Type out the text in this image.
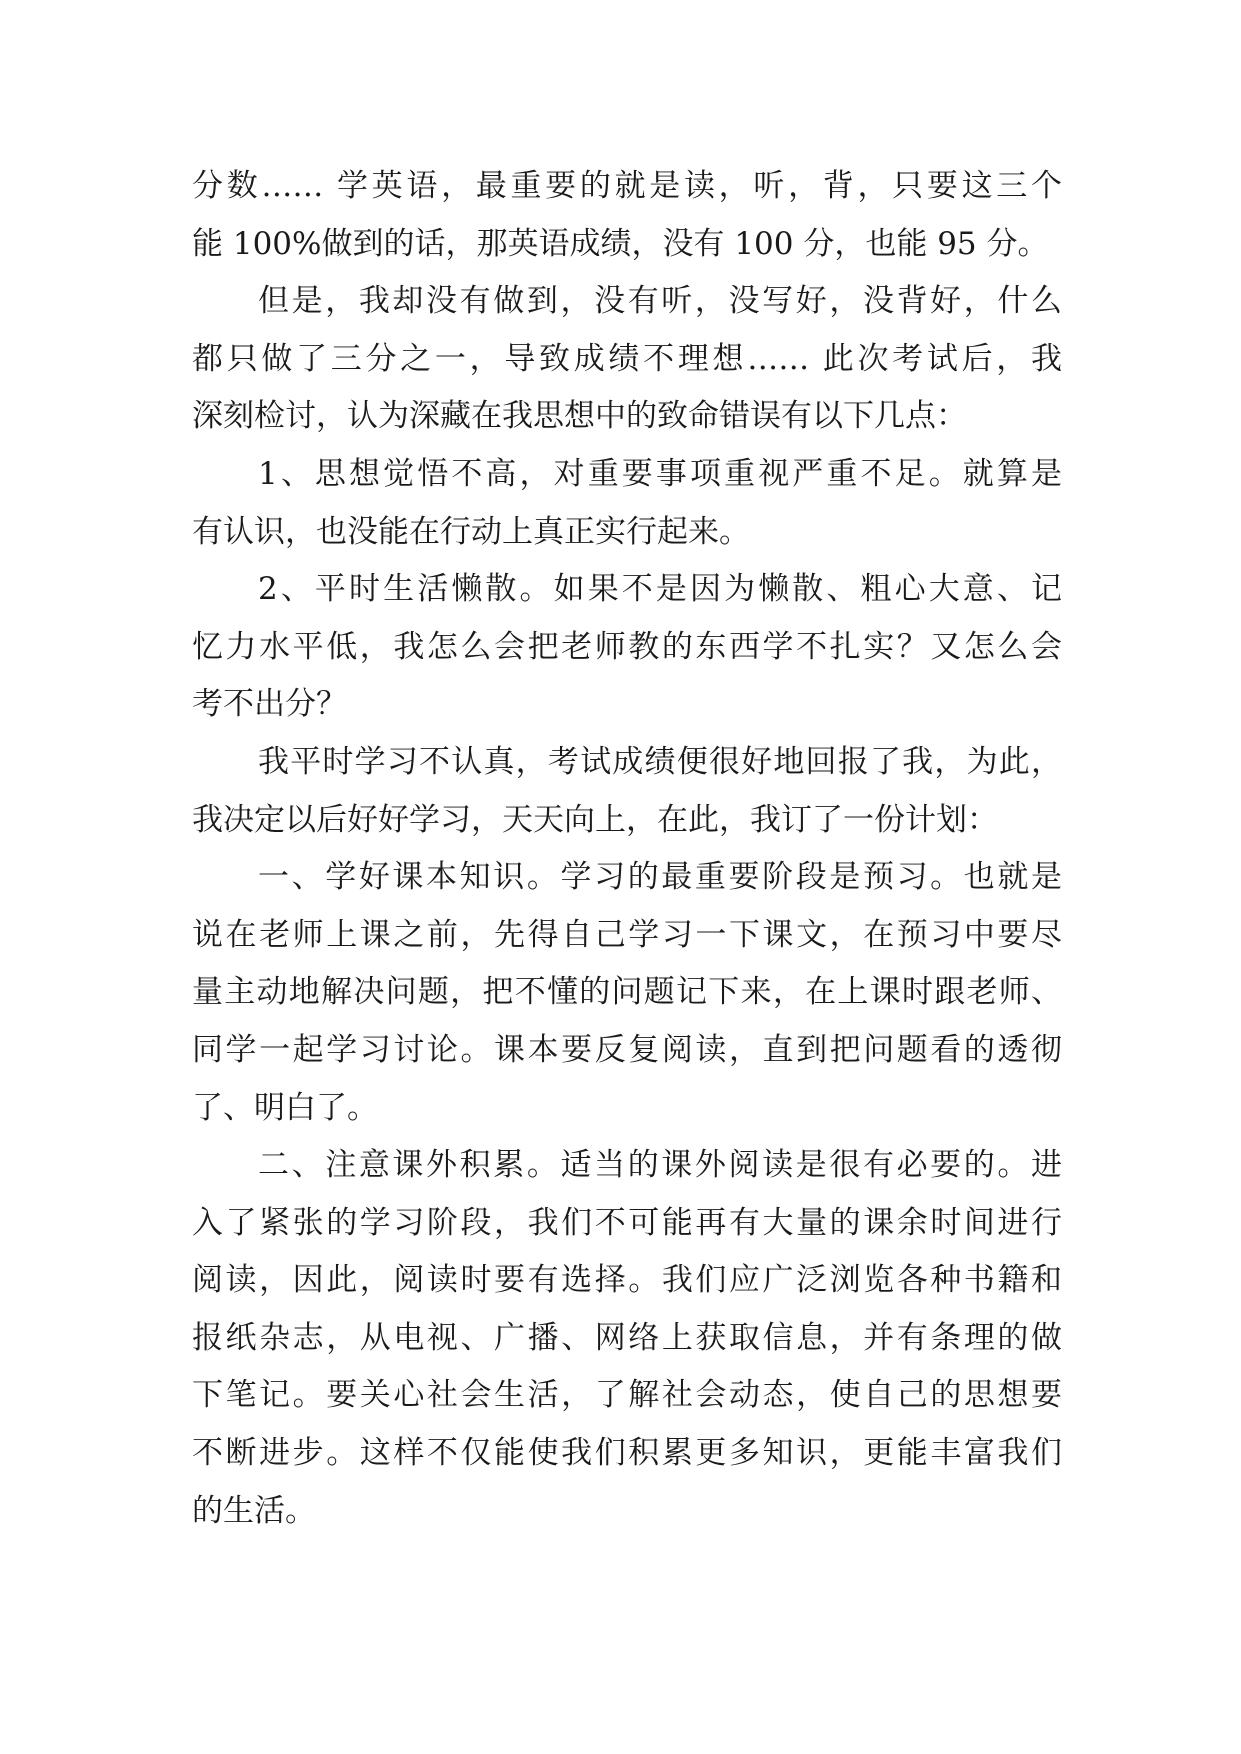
分数…… 学英语，最重要的就是读，听，背，只要这三个
能 100%做到的话，那英语成绩，没有 100 分，也能 95 分。
但是，我却没有做到，没有听，没写好，没背好，什么
都只做了三分之一，导致成绩不理想…… 此次考试后，我
深刻检讨，认为深藏在我思想中的致命错误有以下几点：
1、思想觉悟不高，对重要事项重视严重不足。就算是
有认识，也没能在行动上真正实行起来。
2、平时生活懒散。如果不是因为懒散、粗心大意、记
忆力水平低，我怎么会把老师教的东西学不扎实？又怎么会
考不出分？
我平时学习不认真，考试成绩便很好地回报了我，为此，
我决定以后好好学习，天天向上，在此，我订了一份计划：
一、学好课本知识。学习的最重要阶段是预习。也就是
说在老师上课之前，先得自己学习一下课文，在预习中要尽
量主动地解决问题，把不懂的问题记下来，在上课时跟老师、
同学一起学习讨论。课本要反复阅读，直到把问题看的透彻
了、明白了。
二、注意课外积累。适当的课外阅读是很有必要的。进
入了紧张的学习阶段，我们不可能再有大量的课余时间进行
阅读，因此，阅读时要有选择。我们应广泛浏览各种书籍和
报纸杂志，从电视、广播、网络上获取信息，并有条理的做
下笔记。要关心社会生活，了解社会动态，使自己的思想要
不断进步。这样不仅能使我们积累更多知识，更能丰富我们
的生活。
